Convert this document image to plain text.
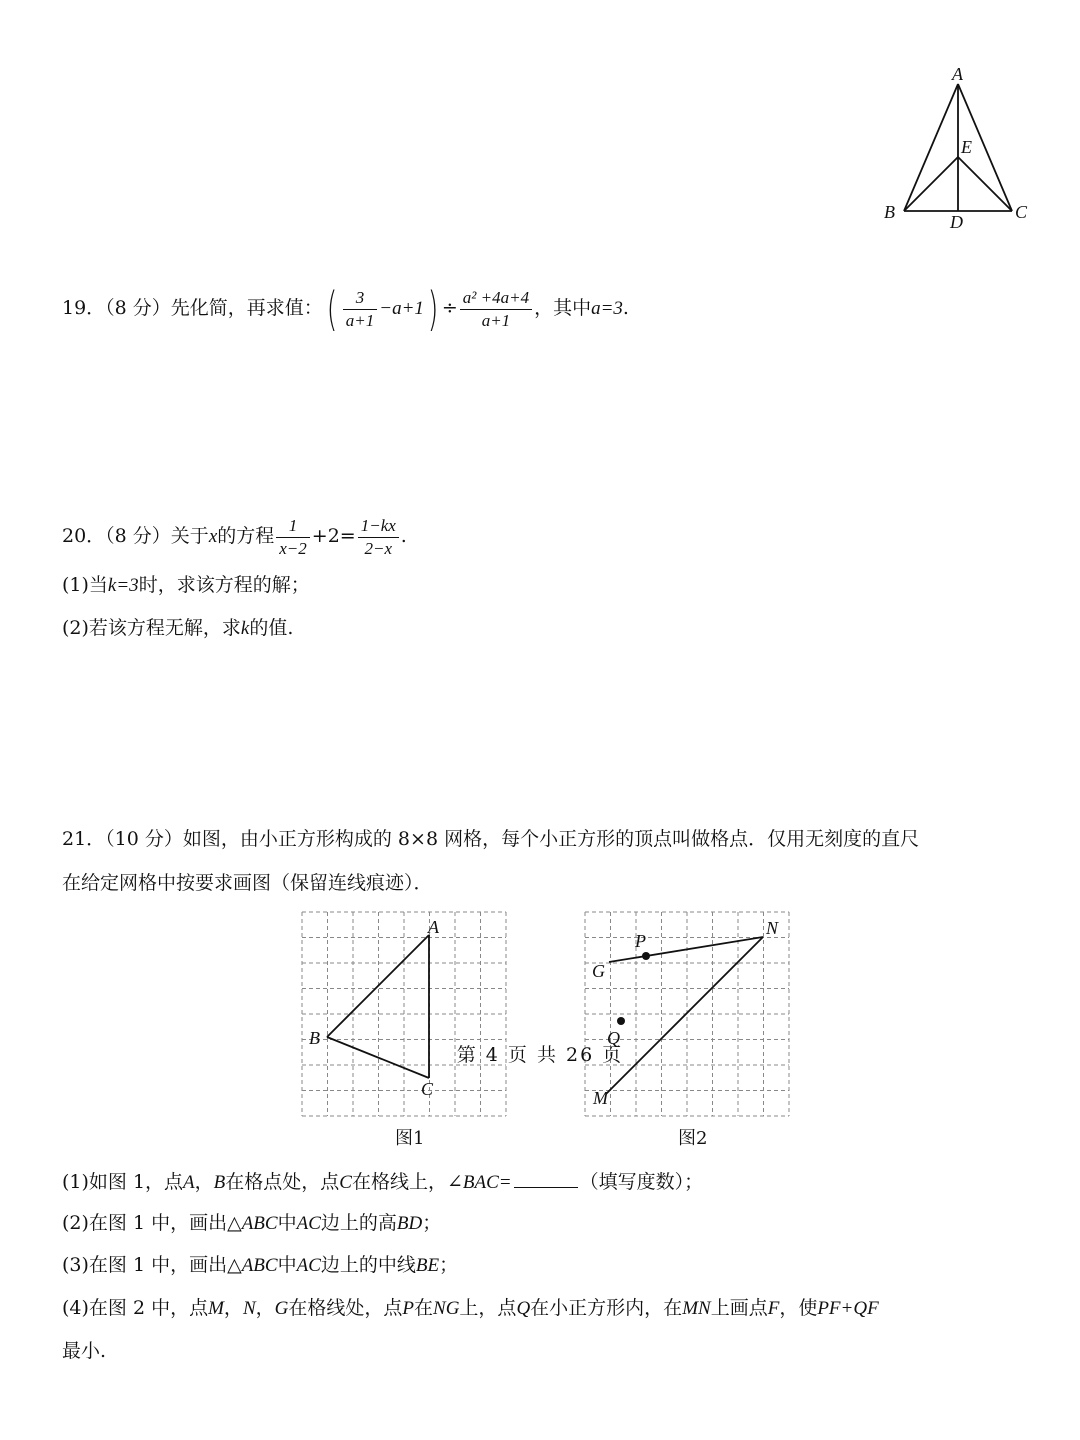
A
E
B	C
D
19．（8 分）先化简，再求值：( $\frac{3}{a+1} -a+1) \div \frac{\text{a² +4a+4}}{a+1}$ ，其中a=3.
20．（8 分）关于x的方程 $\frac{1}{x-2} +2= \frac{1-kx}{2-x}$ .
(1)当k=3时，求该方程的解；
(2)若该方程无解，求k的值.
21．（10 分）如图，由小正方形构成的 8×8 网格，每个小正方形的顶点叫做格点．仅用无刻度的直尺
在给定网格中按要求画图（保留连线痕迹）．
A
B
C
图1
P
N
G
Q
M
图2
(1)如图 1，点A，B在格点处，点C在格线上，∠BAC=	（填写度数）；
(2)在图 1 中，画出△ABC中AC边上的高BD；
(3)在图 1 中，画出△ABC中AC边上的中线BE；
(4)在图 2 中，点M，N，G在格线处，点P在NG上，点Q在小正方形内，在MN上画点F，使PF+QF
最小.
第 4 页 共 26 页
